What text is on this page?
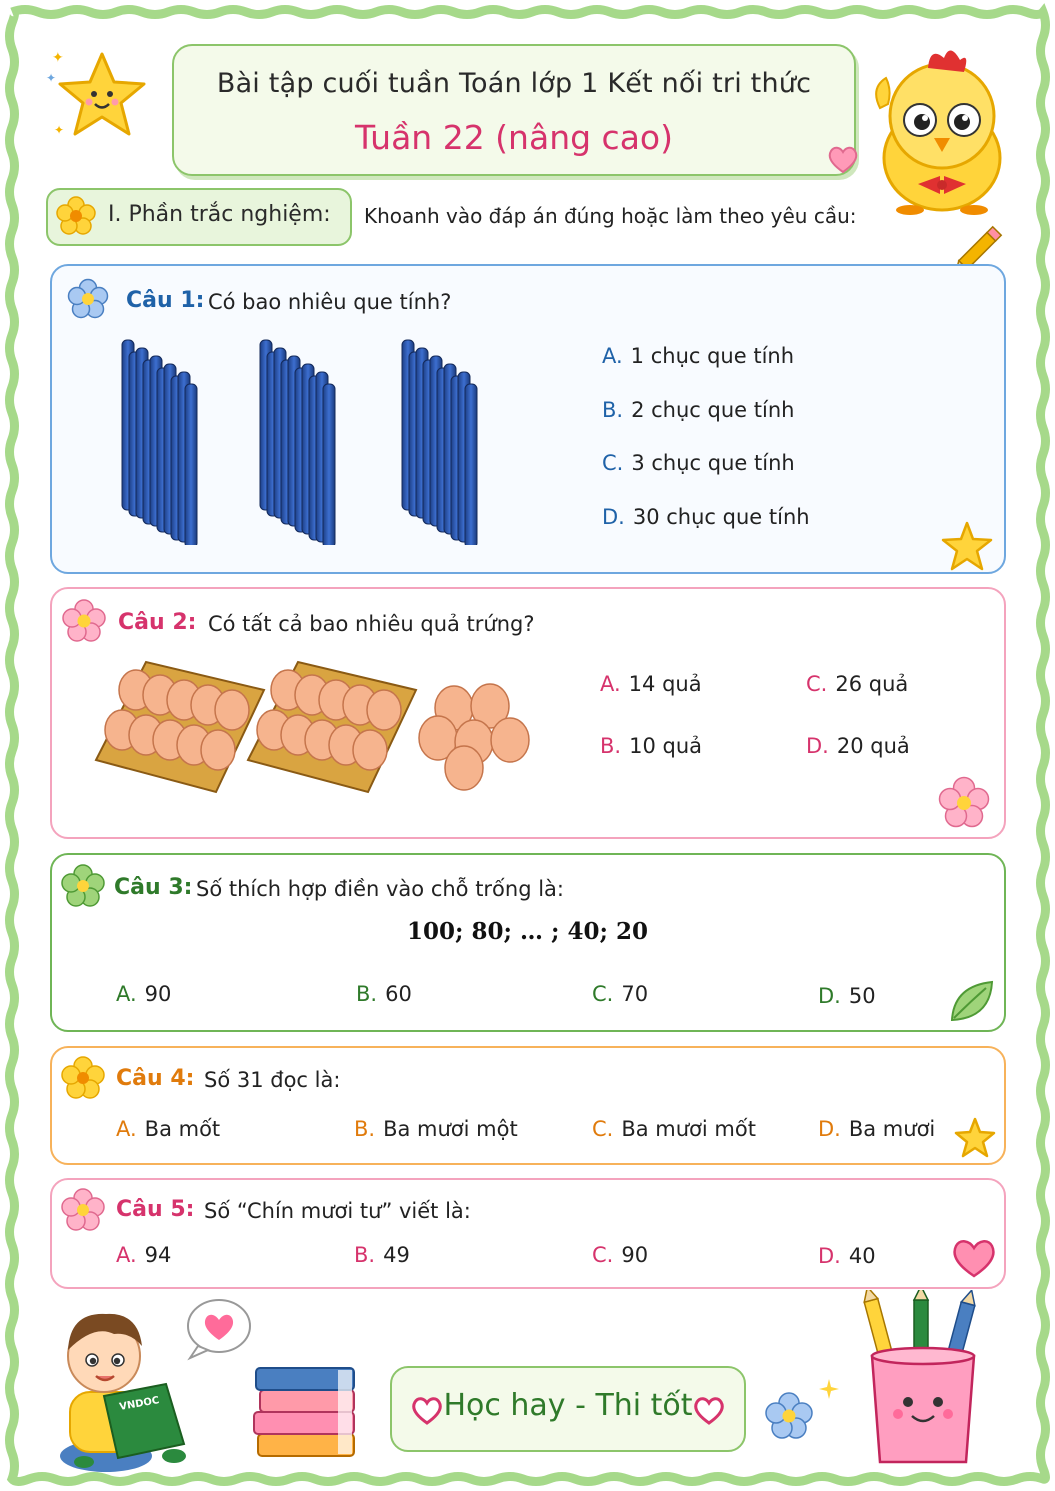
✦
✦
✦
Bài tập cuối tuần Toán lớp 1 Kết nối tri thức
Tuần 22 (nâng cao)
I. Phần trắc nghiệm: Khoanh vào đáp án đúng hoặc làm theo yêu cầu:
Câu 1: Có bao nhiêu que tính?
A. 1 chục que tính
B. 2 chục que tính
C. 3 chục que tính
D. 30 chục que tính
Câu 2: Có tất cả bao nhiêu quả trứng?
A. 14 quả	C. 26 quả
B. 10 quả	D. 20 quả
Câu 3: Số thích hợp điền vào chỗ trống là:
100; 80; … ; 40; 20
A. 90	B. 60	C. 70	D. 50
Câu 4: Số 31 đọc là:
A. Ba mốt	B. Ba mươi một	C. Ba mươi mốt	D. Ba mươi
Câu 5: Số “Chín mươi tư” viết là:
A. 94	B. 49	C. 90	D. 40
VNDOC	Học hay - Thi tốt
